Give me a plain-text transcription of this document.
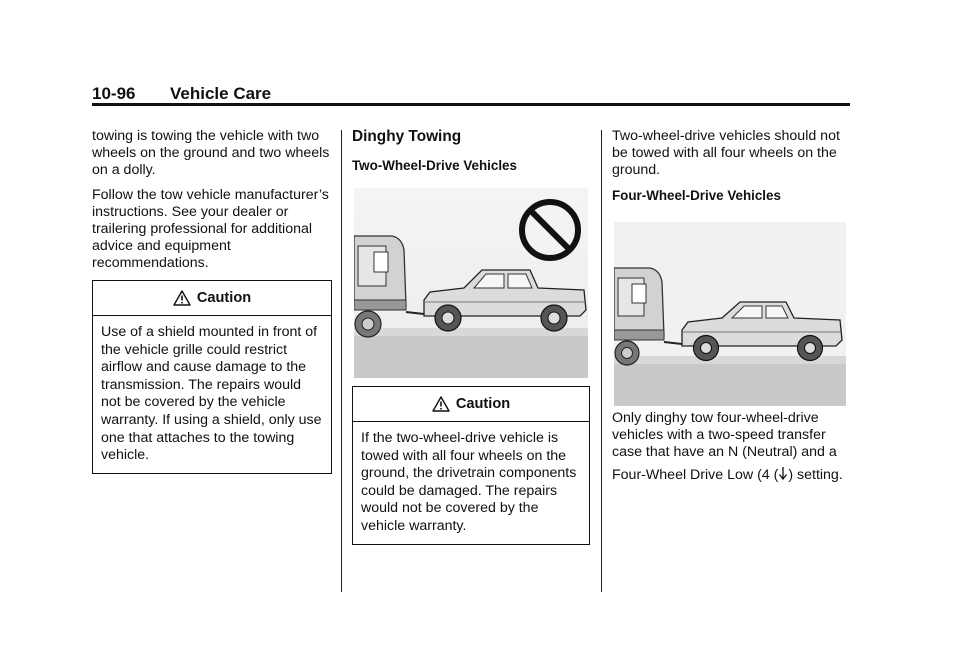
10-96 Vehicle Care

towing is towing the vehicle with two wheels on the ground and two wheels on a dolly.

Follow the tow vehicle manufacturer’s instructions. See your dealer or trailering professional for additional advice and equipment recommendations.

Caution
Use of a shield mounted in front of the vehicle grille could restrict airflow and cause damage to the transmission. The repairs would not be covered by the vehicle warranty. If using a shield, only use one that attaches to the towing vehicle.
Dinghy Towing
Two-Wheel-Drive Vehicles
Caution
If the two-wheel-drive vehicle is towed with all four wheels on the ground, the drivetrain components could be damaged. The repairs would not be covered by the vehicle warranty.

Two-wheel-drive vehicles should not be towed with all four wheels on the ground.

Four-Wheel-Drive Vehicles

Only dinghy tow four-wheel-drive vehicles with a two-speed transfer case that have an N (Neutral) and a

Four-Wheel Drive Low (4 ( ) setting.
